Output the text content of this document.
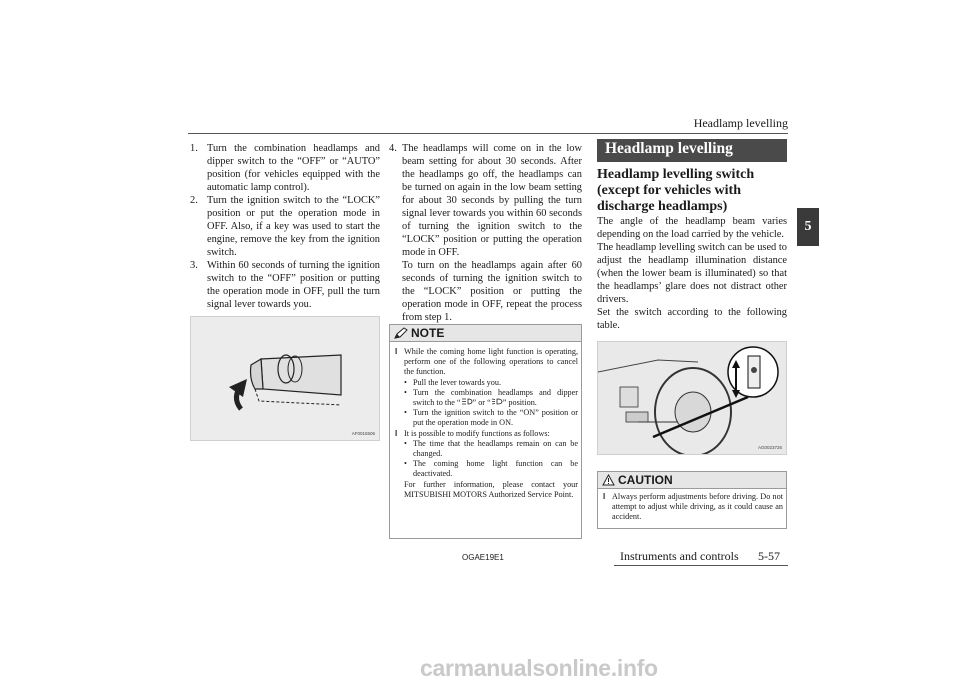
Headlamp levelling
5
1. Turn the combination headlamps and dipper switch to the “OFF” or “AUTO” position (for vehicles equipped with the automatic lamp control).
2. Turn the ignition switch to the “LOCK” position or put the operation mode in OFF. Also, if a key was used to start the engine, remove the key from the ignition switch.
3. Within 60 seconds of turning the ignition switch to the “OFF” position or putting the operation mode in OFF, pull the turn signal lever towards you.
AF0015506
4. The headlamps will come on in the low beam setting for about 30 seconds. After the headlamps go off, the headlamps can be turned on again in the low beam setting for about 30 seconds by pulling the turn signal lever towards you within 60 seconds of turning the ignition switch to the “LOCK” position or putting the operation mode in OFF.
To turn on the headlamps again after 60 seconds of turning the ignition switch to the “LOCK” position or putting the operation mode in OFF, repeat the process from step 1.
NOTE
l While the coming home light function is operating, perform one of the following operations to cancel the function.
• Pull the lever towards you.
• Turn the combination headlamps and dipper switch to the “ ” or “ ” position.
• Turn the ignition switch to the “ON” position or put the operation mode in ON.
l It is possible to modify functions as follows:
• The time that the headlamps remain on can be changed.
• The coming home light function can be deactivated.
For further information, please contact your MITSUBISHI MOTORS Authorized Service Point.
Headlamp levelling
Headlamp levelling switch (except for vehicles with discharge headlamps)
The angle of the headlamp beam varies depending on the load carried by the vehicle.
The headlamp levelling switch can be used to adjust the headlamp illumination distance (when the lower beam is illuminated) so that the headlamps’ glare does not distract other drivers.
Set the switch according to the following table.
AG0023726
CAUTION
l Always perform adjustments before driving. Do not attempt to adjust while driving, as it could cause an accident.
OGAE19E1	Instruments and controls 5-57
carmanualsonline.info
